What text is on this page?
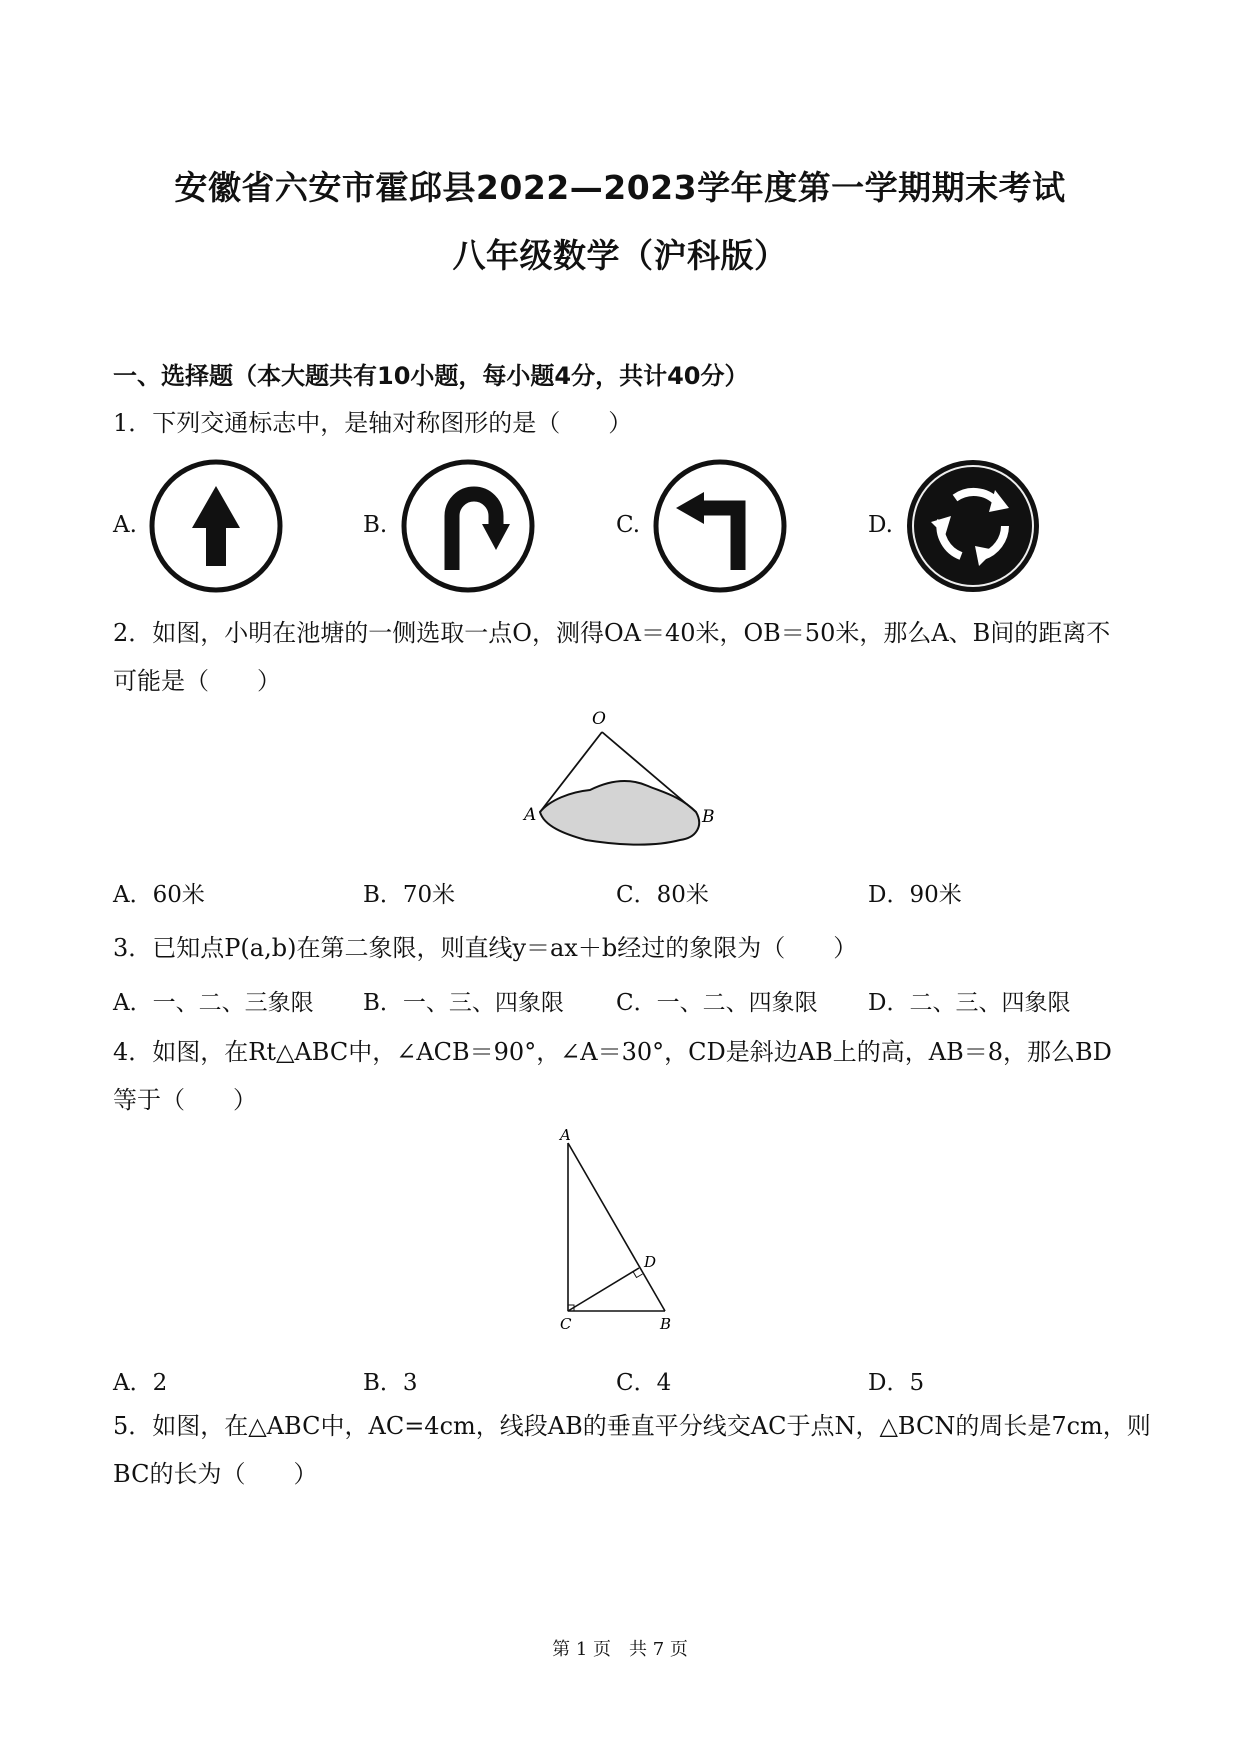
安徽省六安市霍邱县2022—2023学年度第一学期期末考试
八年级数学（沪科版）
一、选择题（本大题共有10小题，每小题4分，共计40分）
1．下列交通标志中，是轴对称图形的是（　　）
A.	B.	C.	D.
2．如图，小明在池塘的一侧选取一点O，测得OA＝40米，OB＝50米，那么A、B间的距离不
可能是（　　）
O
A	B
A．60米	B．70米	C．80米	D．90米
3．已知点P(a,b)在第二象限，则直线y＝ax＋b经过的象限为（　　）
A．一、二、三象限 B．一、三、四象限 C．一、二、四象限 D．二、三、四象限
4．如图，在Rt△ABC中，∠ACB＝90°，∠A＝30°，CD是斜边AB上的高，AB＝8，那么BD
等于（　　）
A
D
C	B
A．2	B．3	C．4	D．5
5．如图，在△ABC中，AC=4cm，线段AB的垂直平分线交AC于点N，△BCN的周长是7cm，则
BC的长为（　　）
第 1 页　共 7 页
